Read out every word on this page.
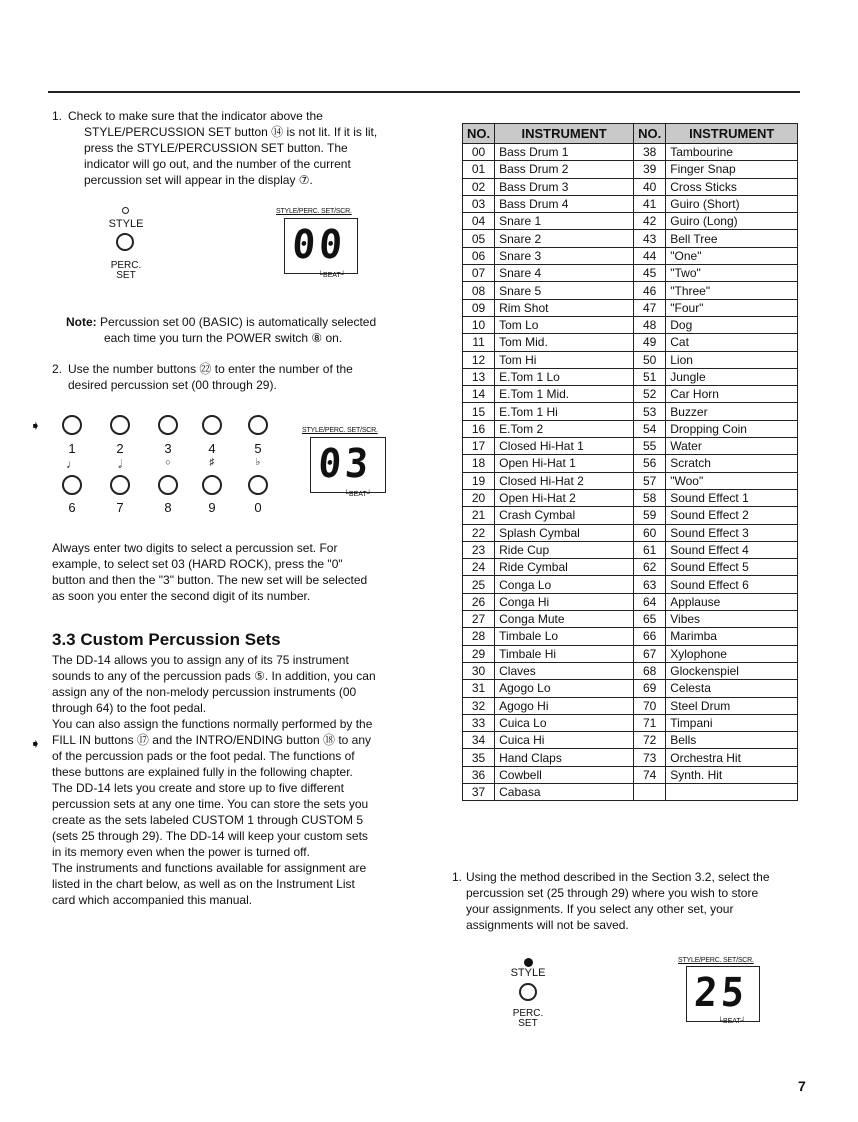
1. Check to make sure that the indicator above the
STYLE/PERCUSSION SET button ⑭ is not lit. If it is lit,
press the STYLE/PERCUSSION SET button. The
indicator will go out, and the number of the current
percussion set will appear in the display ⑦.
STYLE
PERC.
SET
STYLE/PERC. SET/SCR.
00
└BEAT┘
Note: Percussion set 00 (BASIC) is automatically selected
each time you turn the POWER switch ⑧ on.
2. Use the number buttons ㉒ to enter the number of the
desired percussion set (00 through 29).
➧
1	2	3	4	5
♩	𝅗𝅥	○	♯	♭
6	7	8	9	0
STYLE/PERC. SET/SCR.
03
└BEAT┘
Always enter two digits to select a percussion set. For
example, to select set 03 (HARD ROCK), press the "0"
button and then the "3" button. The new set will be selected
as soon you enter the second digit of its number.
3.3 Custom Percussion Sets
The DD-14 allows you to assign any of its 75 instrument
sounds to any of the percussion pads ⑤. In addition, you can
assign any of the non-melody percussion instruments (00
through 64) to the foot pedal.
You can also assign the functions normally performed by the
FILL IN buttons ⑰ and the INTRO/ENDING button ⑱ to any
of the percussion pads or the foot pedal. The functions of
these buttons are explained fully in the following chapter.
The DD-14 lets you create and store up to five different
percussion sets at any one time. You can store the sets you
create as the sets labeled CUSTOM 1 through CUSTOM 5
(sets 25 through 29). The DD-14 will keep your custom sets
in its memory even when the power is turned off.
The instruments and functions available for assignment are
listed in the chart below, as well as on the Instrument List
card which accompanied this manual.
➧
NO.	INSTRUMENT	NO.	INSTRUMENT
00	Bass Drum 1	38	Tambourine
01	Bass Drum 2	39	Finger Snap
02	Bass Drum 3	40	Cross Sticks
03	Bass Drum 4	41	Guiro (Short)
04	Snare 1	42	Guiro (Long)
05	Snare 2	43	Bell Tree
06	Snare 3	44	"One"
07	Snare 4	45	"Two"
08	Snare 5	46	"Three"
09	Rim Shot	47	"Four"
10	Tom Lo	48	Dog
11	Tom Mid.	49	Cat
12	Tom Hi	50	Lion
13	E.Tom 1 Lo	51	Jungle
14	E.Tom 1 Mid.	52	Car Horn
15	E.Tom 1 Hi	53	Buzzer
16	E.Tom 2	54	Dropping Coin
17	Closed Hi-Hat 1	55	Water
18	Open Hi-Hat 1	56	Scratch
19	Closed Hi-Hat 2	57	"Woo"
20	Open Hi-Hat 2	58	Sound Effect 1
21	Crash Cymbal	59	Sound Effect 2
22	Splash Cymbal	60	Sound Effect 3
23	Ride Cup	61	Sound Effect 4
24	Ride Cymbal	62	Sound Effect 5
25	Conga Lo	63	Sound Effect 6
26	Conga Hi	64	Applause
27	Conga Mute	65	Vibes
28	Timbale Lo	66	Marimba
29	Timbale Hi	67	Xylophone
30	Claves	68	Glockenspiel
31	Agogo Lo	69	Celesta
32	Agogo Hi	70	Steel Drum
33	Cuica Lo	71	Timpani
34	Cuica Hi	72	Bells
35	Hand Claps	73	Orchestra Hit
36	Cowbell	74	Synth. Hit
37	Cabasa		
1. Using the method described in the Section 3.2, select the
percussion set (25 through 29) where you wish to store
your assignments. If you select any other set, your
assignments will not be saved.
STYLE
PERC.
SET
STYLE/PERC. SET/SCR.
25
└BEAT┘
7
